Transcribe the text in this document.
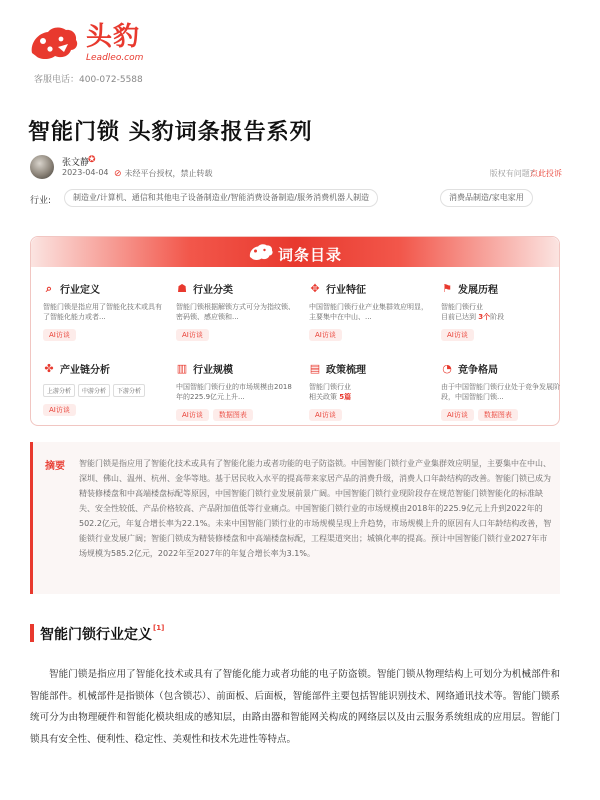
头豹
Leadleo.com
客服电话：400-072-5588
智能门锁 头豹词条报告系列
张文静
✪
2023-04-04 ⊘ 未经平台授权，禁止转载	版权有问题?
点此投诉
行业:	制造业/计算机、通信和其他电子设备制造业/智能消费设备制造/服务消费机器人制造	消费品制造/家电家用
词条目录
⌕ 行业定义
智能门锁是指应用了智能化技术或具有了智能化能力或者...
AI访谈
☗ 行业分类
智能门锁根据解锁方式可分为指纹锁、密码锁、感应锁和...
AI访谈
✥ 行业特征
中国智能门锁行业产业集群效应明显，主要集中在中山、...
AI访谈
⚑ 发展历程
智能门锁行业
目前已达到 3个阶段
AI访谈
✤ 产业链分析
上游分析	中游分析	下游分析
AI访谈
▥ 行业规模
中国智能门锁行业的市场规模由2018年的225.9亿元上升...
AI访谈 数据图表
▤ 政策梳理
智能门锁行业
相关政策 5篇
AI访谈
◔ 竞争格局
由于中国智能门锁行业处于竞争发展阶段，中国智能门锁...
AI访谈 数据图表
摘要 智能门锁是指应用了智能化技术或具有了智能化能力或者功能的电子防盗锁。中国智能门锁行业产业集群效应明显，主要集中在中山、深圳、佛山、温州、杭州、金华等地。基于居民收入水平的提高带来家居产品的消费升级，消费人口年龄结构的改善。智能门锁已成为精装修楼盘和中高端楼盘标配等原因，中国智能门锁行业发展前景广阔。中国智能门锁行业现阶段存在规范智能门锁智能化的标准缺失、安全性较低、产品价格较高、产品附加值低等行业痛点。中国智能门锁行业的市场规模由2018年的225.9亿元上升到2022年的502.2亿元，年复合增长率为22.1%。未来中国智能门锁行业的市场规模呈现上升趋势，市场规模上升的原因有人口年龄结构改善，智能锁行业发展广阔；智能门锁成为精装修楼盘和中高端楼盘标配，工程渠道突出；城镇化率的提高。预计中国智能门锁行业2027年市场规模为585.2亿元，2022年至2027年的年复合增长率为3.1%。
智能门锁行业定义[1]

智能门锁是指应用了智能化技术或具有了智能化能力或者功能的电子防盗锁。智能门锁从物理结构上可划分为机械部件和智能部件。机械部件是指锁体（包含锁芯）、前面板、后面板，智能部件主要包括智能识别技术、网络通讯技术等。智能门锁系统可分为由物理硬件和智能化模块组成的感知层，由路由器和智能网关构成的网络层以及由云服务系统组成的应用层。智能门锁具有安全性、便利性、稳定性、美观性和技术先进性等特点。
